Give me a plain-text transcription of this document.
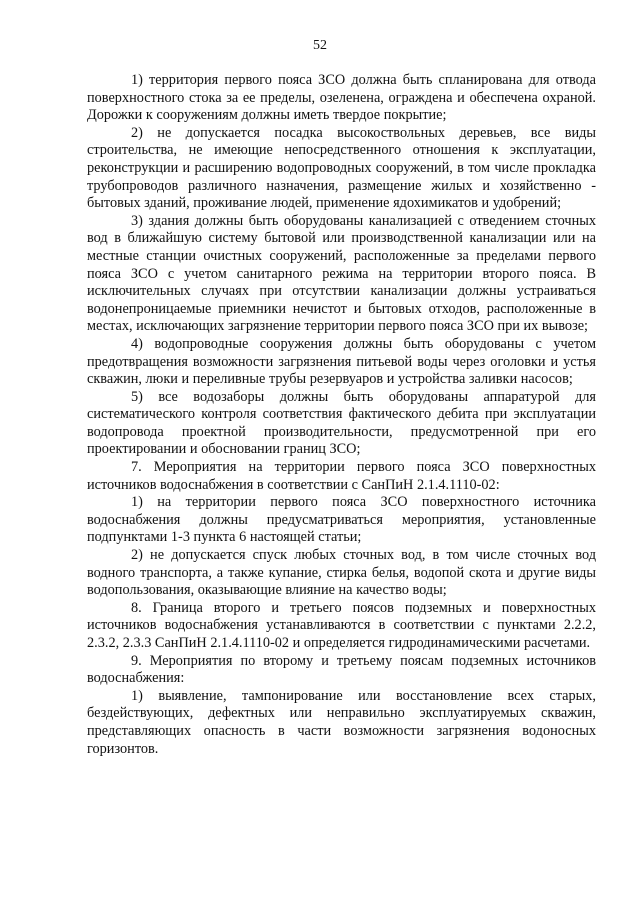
52

1) территория первого пояса ЗСО должна быть спланирована для отвода поверхностного стока за ее пределы, озеленена, ограждена и обеспечена охраной. Дорожки к сооружениям должны иметь твердое покрытие;

2) не допускается посадка высокоствольных деревьев, все виды строительства, не имеющие непосредственного отношения к эксплуатации, реконструкции и расширению водопроводных сооружений, в том числе прокладка трубопроводов различного назначения, размещение жилых и хозяйственно - бытовых зданий, проживание людей, применение ядохимикатов и удобрений;

3) здания должны быть оборудованы канализацией с отведением сточных вод в ближайшую систему бытовой или производственной канализации или на местные станции очистных сооружений, расположенные за пределами первого пояса ЗСО с учетом санитарного режима на территории второго пояса. В исключительных случаях при отсутствии канализации должны устраиваться водонепроницаемые приемники нечистот и бытовых отходов, расположенные в местах, исключающих загрязнение территории первого пояса ЗСО при их вывозе;

4) водопроводные сооружения должны быть оборудованы с учетом предотвращения возможности загрязнения питьевой воды через оголовки и устья скважин, люки и переливные трубы резервуаров и устройства заливки насосов;

5) все водозаборы должны быть оборудованы аппаратурой для систематического контроля соответствия фактического дебита при эксплуатации водопровода проектной производительности, предусмотренной при его проектировании и обосновании границ ЗСО;

7. Мероприятия на территории первого пояса ЗСО поверхностных источников водоснабжения в соответствии с СанПиН 2.1.4.1110-02:

1) на территории первого пояса ЗСО поверхностного источника водоснабжения должны предусматриваться мероприятия, установленные подпунктами 1-3 пункта 6 настоящей статьи;

2) не допускается спуск любых сточных вод, в том числе сточных вод водного транспорта, а также купание, стирка белья, водопой скота и другие виды водопользования, оказывающие влияние на качество воды;

8. Граница второго и третьего поясов подземных и поверхностных источников водоснабжения устанавливаются в соответствии с пунктами 2.2.2, 2.3.2, 2.3.3 СанПиН 2.1.4.1110-02 и определяется гидродинамическими расчетами.

9. Мероприятия по второму и третьему поясам подземных источников водоснабжения:

1) выявление, тампонирование или восстановление всех старых, бездействующих, дефектных или неправильно эксплуатируемых скважин, представляющих опасность в части возможности загрязнения водоносных горизонтов.
